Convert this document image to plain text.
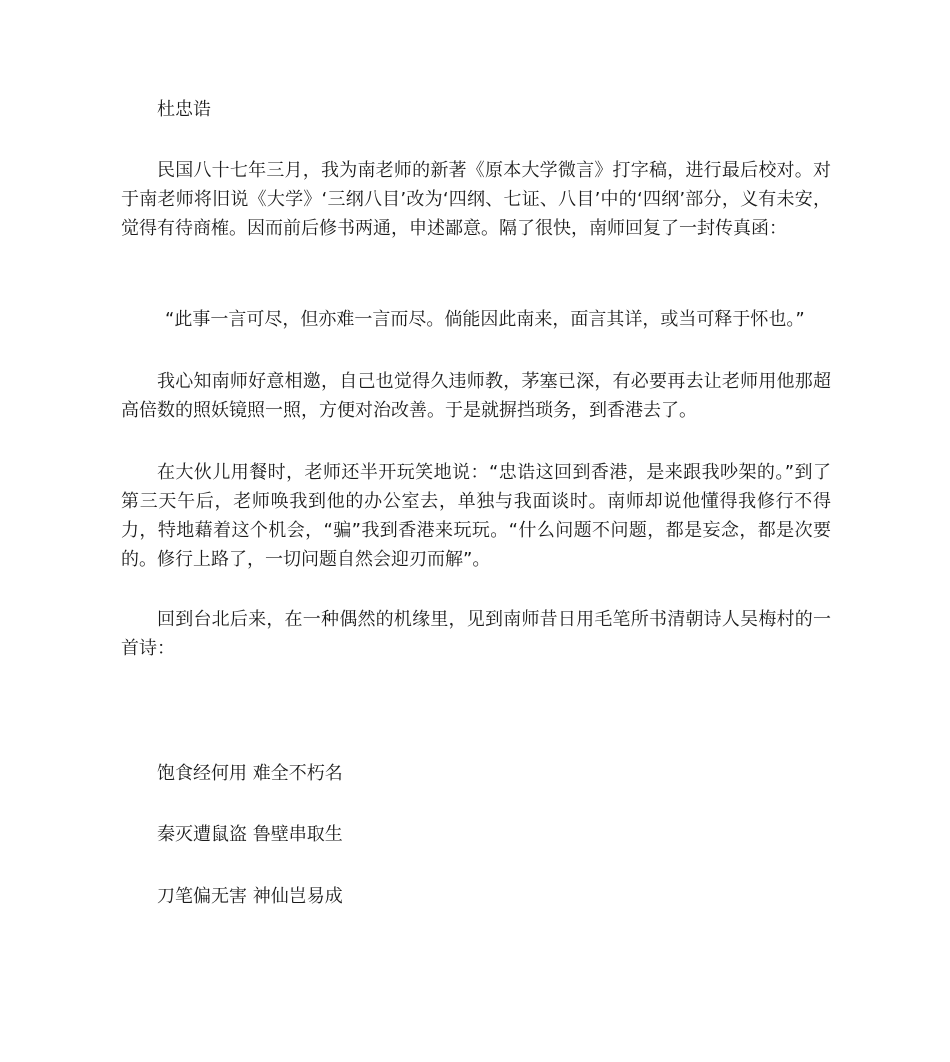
杜忠诰

民国八十七年三月，我为南老师的新著《原本大学微言》打字稿，进行最后校对。对于南老师将旧说《大学》‘三纲八目’改为‘四纲、七证、八目’中的‘四纲’部分，义有未安，觉得有待商榷。因而前后修书两通，申述鄙意。隔了很快，南师回复了一封传真函：

“此事一言可尽，但亦难一言而尽。倘能因此南来，面言其详，或当可释于怀也。”

我心知南师好意相邀，自己也觉得久违师教，茅塞已深，有必要再去让老师用他那超高倍数的照妖镜照一照，方便对治改善。于是就摒挡琐务，到香港去了。

在大伙儿用餐时，老师还半开玩笑地说：“忠诰这回到香港，是来跟我吵架的。”到了第三天午后，老师唤我到他的办公室去，单独与我面谈时。南师却说他懂得我修行不得力，特地藉着这个机会，“骗”我到香港来玩玩。“什么问题不问题，都是妄念，都是次要的。修行上路了，一切问题自然会迎刃而解”。

回到台北后来，在一种偶然的机缘里，见到南师昔日用毛笔所书清朝诗人吴梅村的一首诗：

饱食经何用 难全不朽名

秦灭遭鼠盗 鲁壁串取生

刀笔偏无害 神仙岂易成
